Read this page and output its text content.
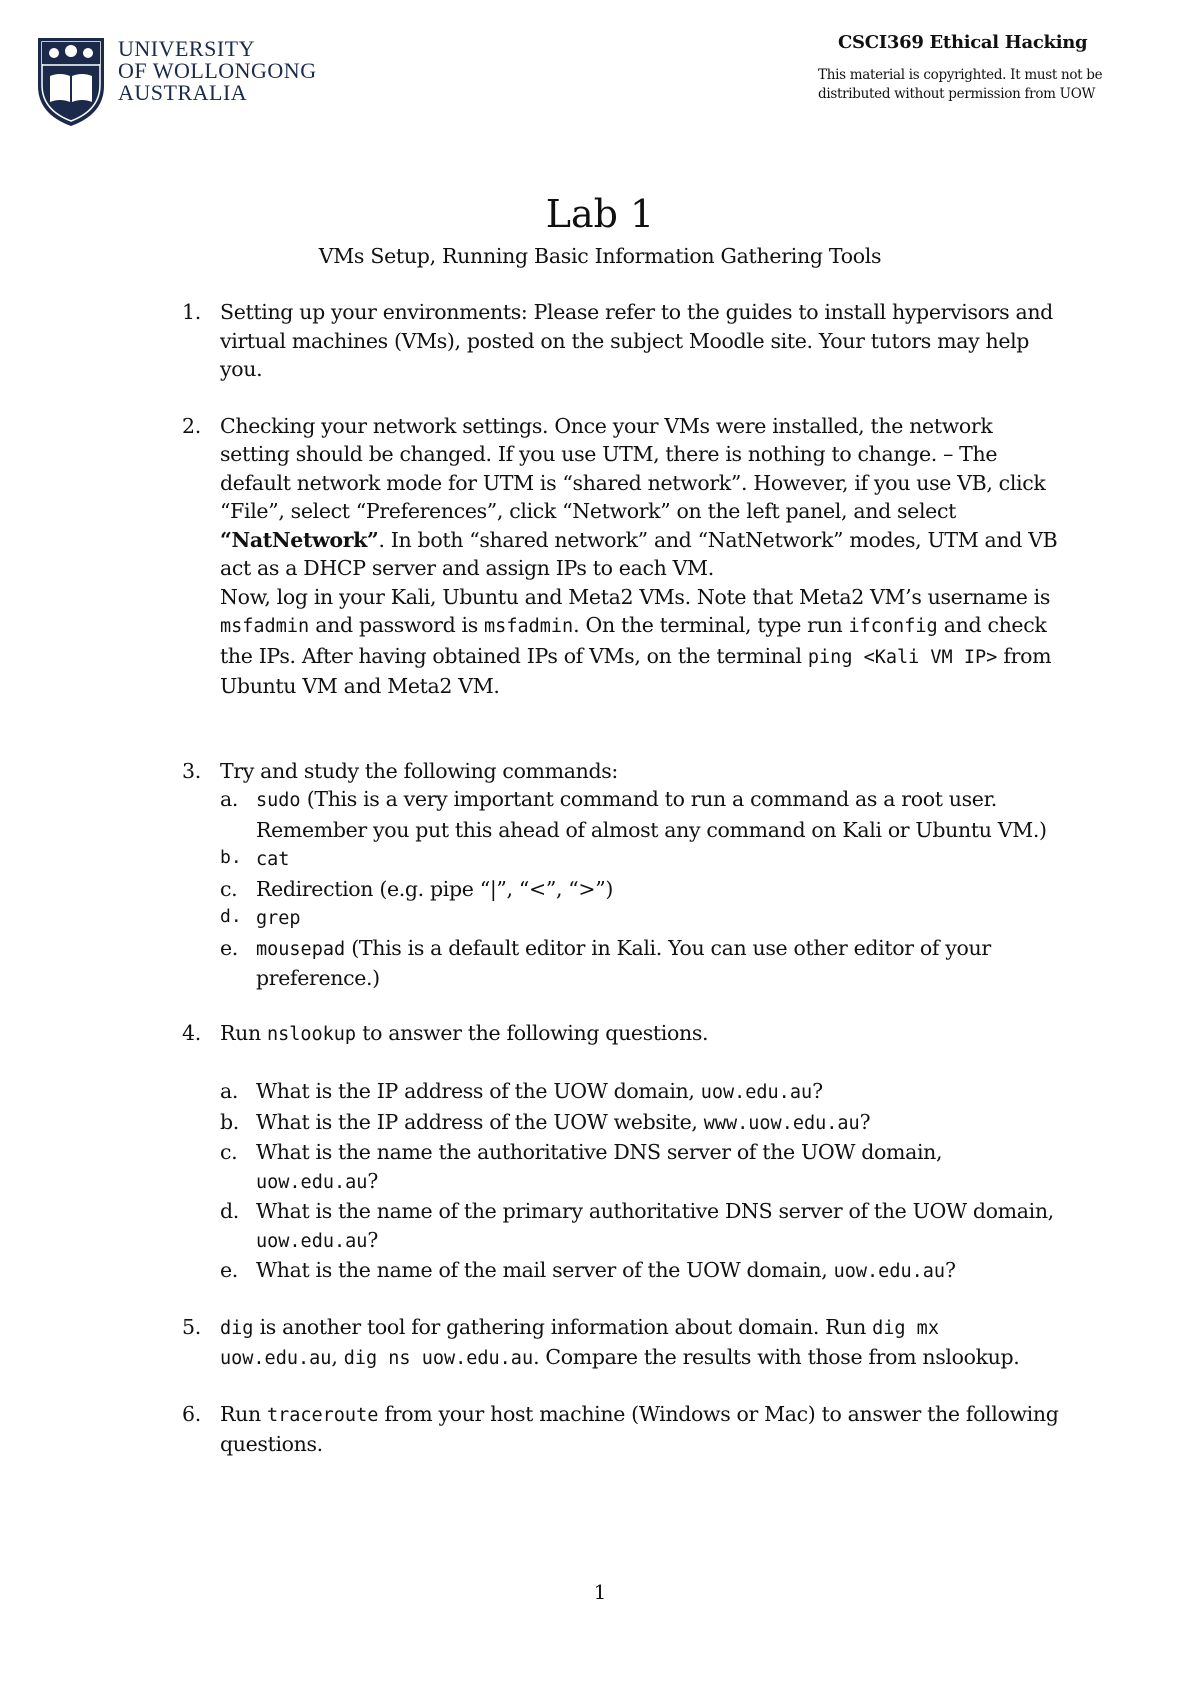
UNIVERSITY
OF WOLLONGONG
AUSTRALIA
CSCI369 Ethical Hacking
This material is copyrighted. It must not be
distributed without permission from UOW
Lab 1
VMs Setup, Running Basic Information Gathering Tools
1. Setting up your environments: Please refer to the guides to install hypervisors and virtual machines (VMs), posted on the subject Moodle site. Your tutors may help you.
2. Checking your network settings. Once your VMs were installed, the network setting should be changed. If you use UTM, there is nothing to change. – The default network mode for UTM is “shared network”. However, if you use VB, click “File”, select “Preferences”, click “Network” on the left panel, and select “NatNetwork”. In both “shared network” and “NatNetwork” modes, UTM and VB act as a DHCP server and assign IPs to each VM.
Now, log in your Kali, Ubuntu and Meta2 VMs. Note that Meta2 VM’s username is msfadmin and password is msfadmin. On the terminal, type run ifconfig and check the IPs. After having obtained IPs of VMs, on the terminal ping <Kali VM IP> from Ubuntu VM and Meta2 VM.
3. Try and study the following commands:
a. sudo (This is a very important command to run a command as a root user. Remember you put this ahead of almost any command on Kali or Ubuntu VM.)
b. cat
c. Redirection (e.g. pipe “|”, “<”, “>”)
d. grep
e. mousepad (This is a default editor in Kali. You can use other editor of your preference.)
4. Run nslookup to answer the following questions.
a. What is the IP address of the UOW domain, uow.edu.au?
b. What is the IP address of the UOW website, www.uow.edu.au?
c. What is the name the authoritative DNS server of the UOW domain, uow.edu.au?
d. What is the name of the primary authoritative DNS server of the UOW domain, uow.edu.au?
e. What is the name of the mail server of the UOW domain, uow.edu.au?
5.	dig is another tool for gathering information about domain. Run dig mx uow.edu.au, dig ns uow.edu.au. Compare the results with those from nslookup.
6. Run traceroute from your host machine (Windows or Mac) to answer the following questions.
1
